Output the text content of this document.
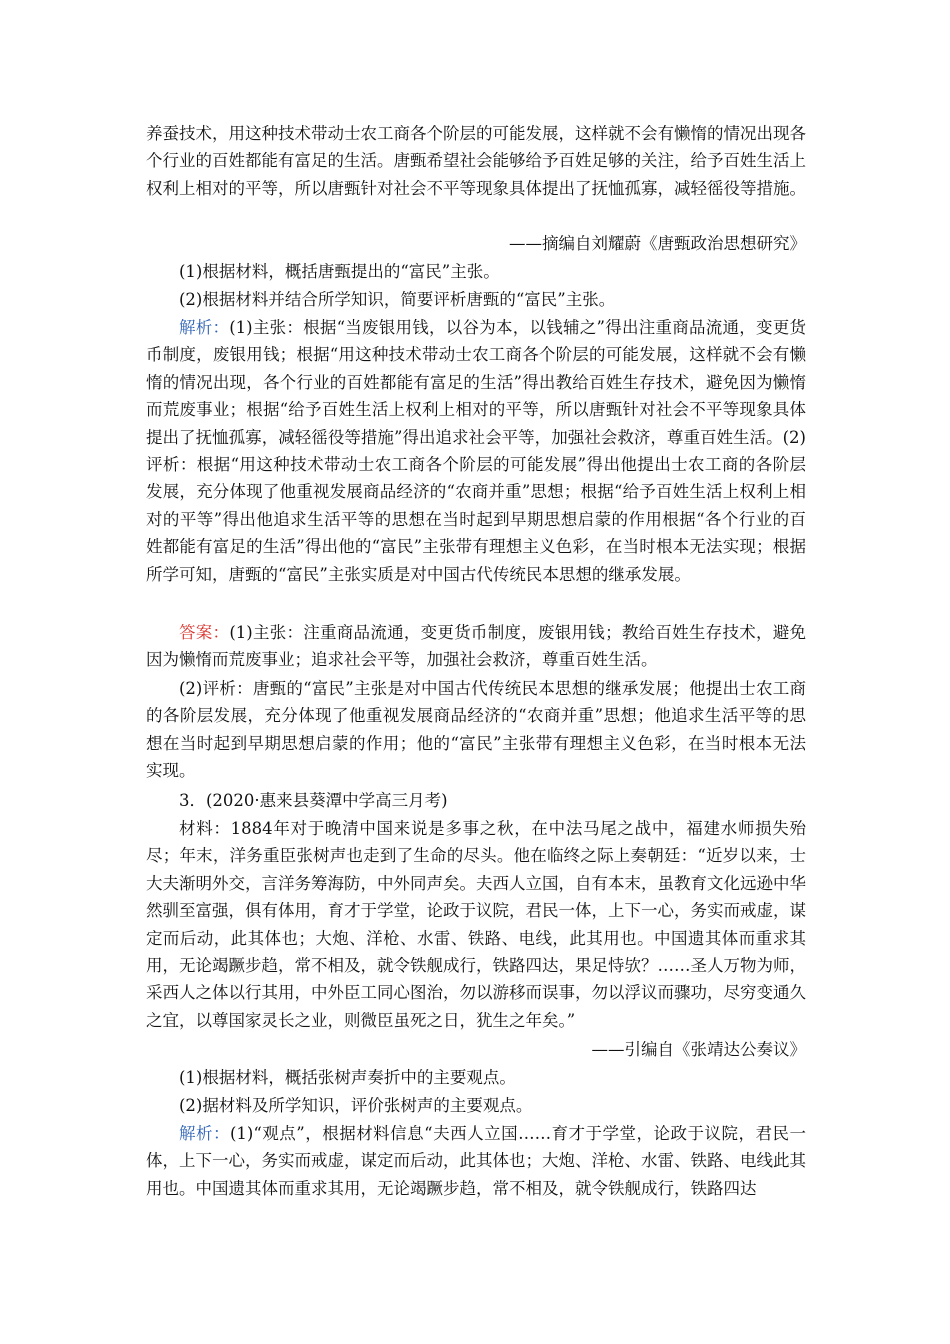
养蚕技术，用这种技术带动士农工商各个阶层的可能发展，这样就不会有懒惰的情况出现各个行业的百姓都能有富足的生活。唐甄希望社会能够给予百姓足够的关注，给予百姓生活上权利上相对的平等，所以唐甄针对社会不平等现象具体提出了抚恤孤寡，减轻徭役等措施。
——摘编自刘耀蔚《唐甄政治思想研究》
(1)根据材料，概括唐甄提出的“富民”主张。
(2)根据材料并结合所学知识，简要评析唐甄的“富民”主张。
解析：(1)主张：根据“当废银用钱，以谷为本，以钱辅之”得出注重商品流通，变更货币制度，废银用钱；根据“用这种技术带动士农工商各个阶层的可能发展，这样就不会有懒惰的情况出现，各个行业的百姓都能有富足的生活”得出教给百姓生存技术，避免因为懒惰而荒废事业；根据“给予百姓生活上权利上相对的平等，所以唐甄针对社会不平等现象具体提出了抚恤孤寡，减轻徭役等措施”得出追求社会平等，加强社会救济，尊重百姓生活。(2)评析：根据“用这种技术带动士农工商各个阶层的可能发展”得出他提出士农工商的各阶层发展，充分体现了他重视发展商品经济的“农商并重”思想；根据“给予百姓生活上权利上相对的平等”得出他追求生活平等的思想在当时起到早期思想启蒙的作用根据“各个行业的百姓都能有富足的生活”得出他的“富民”主张带有理想主义色彩，在当时根本无法实现；根据所学可知，唐甄的“富民”主张实质是对中国古代传统民本思想的继承发展。
答案：(1)主张：注重商品流通，变更货币制度，废银用钱；教给百姓生存技术，避免因为懒惰而荒废事业；追求社会平等，加强社会救济，尊重百姓生活。
(2)评析：唐甄的“富民”主张是对中国古代传统民本思想的继承发展；他提出士农工商的各阶层发展，充分体现了他重视发展商品经济的“农商并重”思想；他追求生活平等的思想在当时起到早期思想启蒙的作用；他的“富民”主张带有理想主义色彩，在当时根本无法实现。
3．(2020·惠来县葵潭中学高三月考)
材料：1884年对于晚清中国来说是多事之秋，在中法马尾之战中，福建水师损失殆尽；年末，洋务重臣张树声也走到了生命的尽头。他在临终之际上奏朝廷：“近岁以来，士大夫渐明外交，言洋务筹海防，中外同声矣。夫西人立国，自有本末，虽教育文化远逊中华然驯至富强，俱有体用，育才于学堂，论政于议院，君民一体，上下一心，务实而戒虚，谋定而后动，此其体也；大炮、洋枪、水雷、铁路、电线，此其用也。中国遗其体而重求其用，无论竭蹶步趋，常不相及，就令铁舰成行，铁路四达，果足恃欤？……圣人万物为师，采西人之体以行其用，中外臣工同心图治，勿以游移而误事，勿以浮议而骤功，尽穷变通久之宜，以尊国家灵长之业，则微臣虽死之日，犹生之年矣。”
——引编自《张靖达公奏议》
(1)根据材料，概括张树声奏折中的主要观点。
(2)据材料及所学知识，评价张树声的主要观点。
解析：(1)“观点”，根据材料信息“夫西人立国……育才于学堂，论政于议院，君民一体，上下一心，务实而戒虚，谋定而后动，此其体也；大炮、洋枪、水雷、铁路、电线此其用也。中国遗其体而重求其用，无论竭蹶步趋，常不相及，就令铁舰成行，铁路四达
